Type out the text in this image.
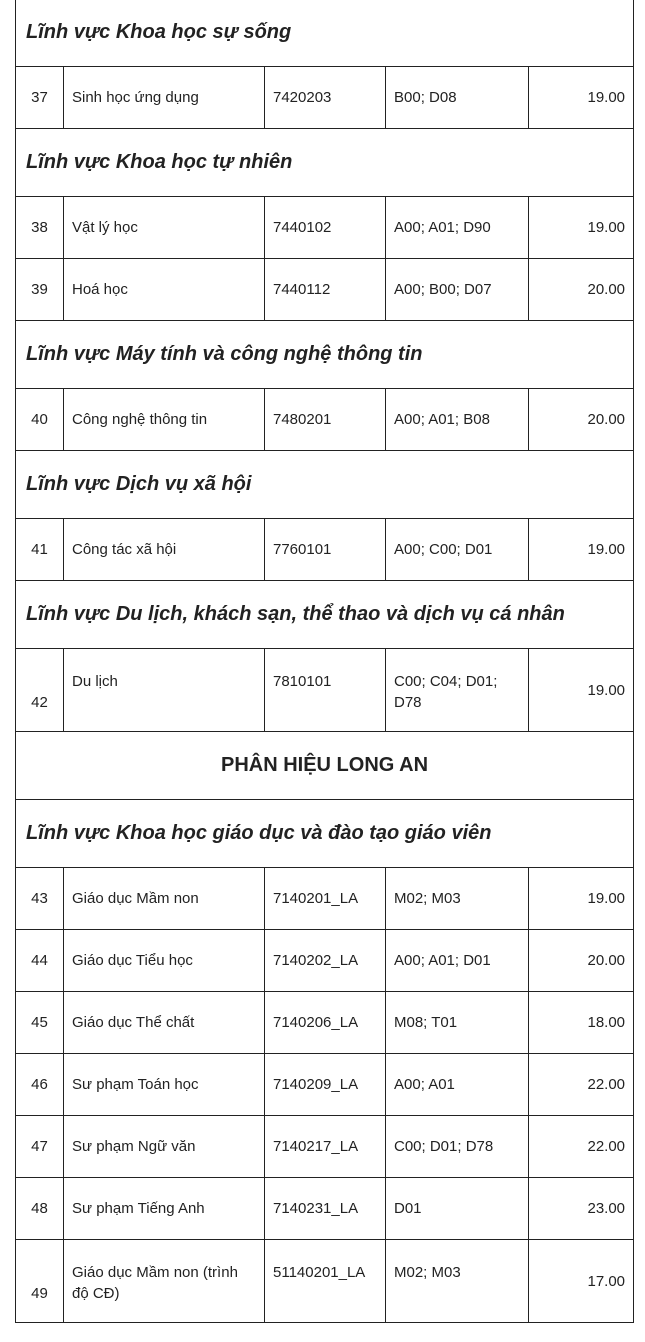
Lĩnh vực Khoa học sự sống				
37	Sinh học ứng dụng	7420203	B00; D08	19.00
Lĩnh vực Khoa học tự nhiên				
38	Vật lý học	7440102	A00; A01; D90	19.00
39	Hoá học	7440112	A00; B00; D07	20.00
Lĩnh vực Máy tính và công nghệ thông tin				
40	Công nghệ thông tin	7480201	A00; A01; B08	20.00
Lĩnh vực Dịch vụ xã hội				
41	Công tác xã hội	7760101	A00; C00; D01	19.00
Lĩnh vực Du lịch, khách sạn, thể thao và dịch vụ cá nhân				
42	Du lịch	7810101	C00; C04; D01; D78	19.00
PHÂN HIỆU LONG AN				
Lĩnh vực Khoa học giáo dục và đào tạo giáo viên				
43	Giáo dục Mầm non	7140201_LA	M02; M03	19.00
44	Giáo dục Tiểu học	7140202_LA	A00; A01; D01	20.00
45	Giáo dục Thể chất	7140206_LA	M08; T01	18.00
46	Sư phạm Toán học	7140209_LA	A00; A01	22.00
47	Sư phạm Ngữ văn	7140217_LA	C00; D01; D78	22.00
48	Sư phạm Tiếng Anh	7140231_LA	D01	23.00
49	Giáo dục Mầm non (trình độ CĐ)	51140201_LA	M02; M03	17.00
